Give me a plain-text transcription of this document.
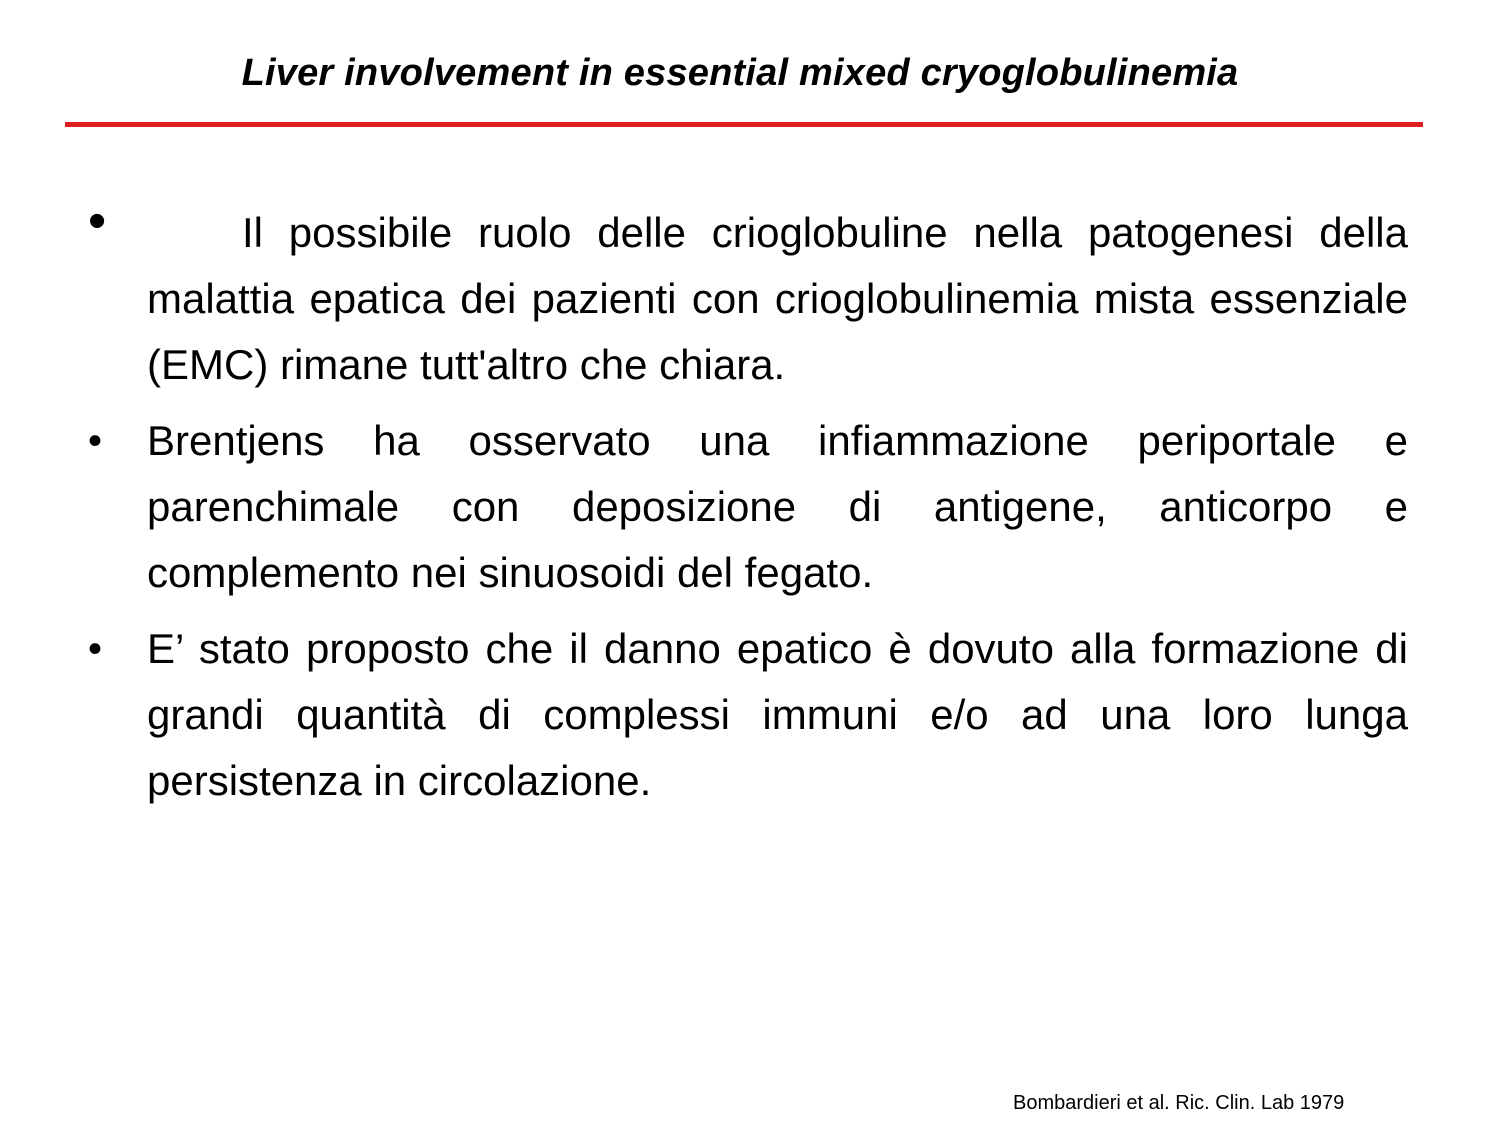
Liver involvement in essential mixed cryoglobulinemia
•	Il possibile ruolo delle crioglobuline nella patogenesi della malattia epatica dei pazienti con crioglobulinemia mista essenziale (EMC) rimane tutt'altro che chiara.
• Brentjens ha osservato una infiammazione periportale e parenchimale con deposizione di antigene, anticorpo e complemento nei sinuosoidi del fegato.
• E’ stato proposto che il danno epatico è dovuto alla formazione di grandi quantità di complessi immuni e/o ad una loro lunga persistenza in circolazione.
Bombardieri et al. Ric. Clin. Lab 1979
